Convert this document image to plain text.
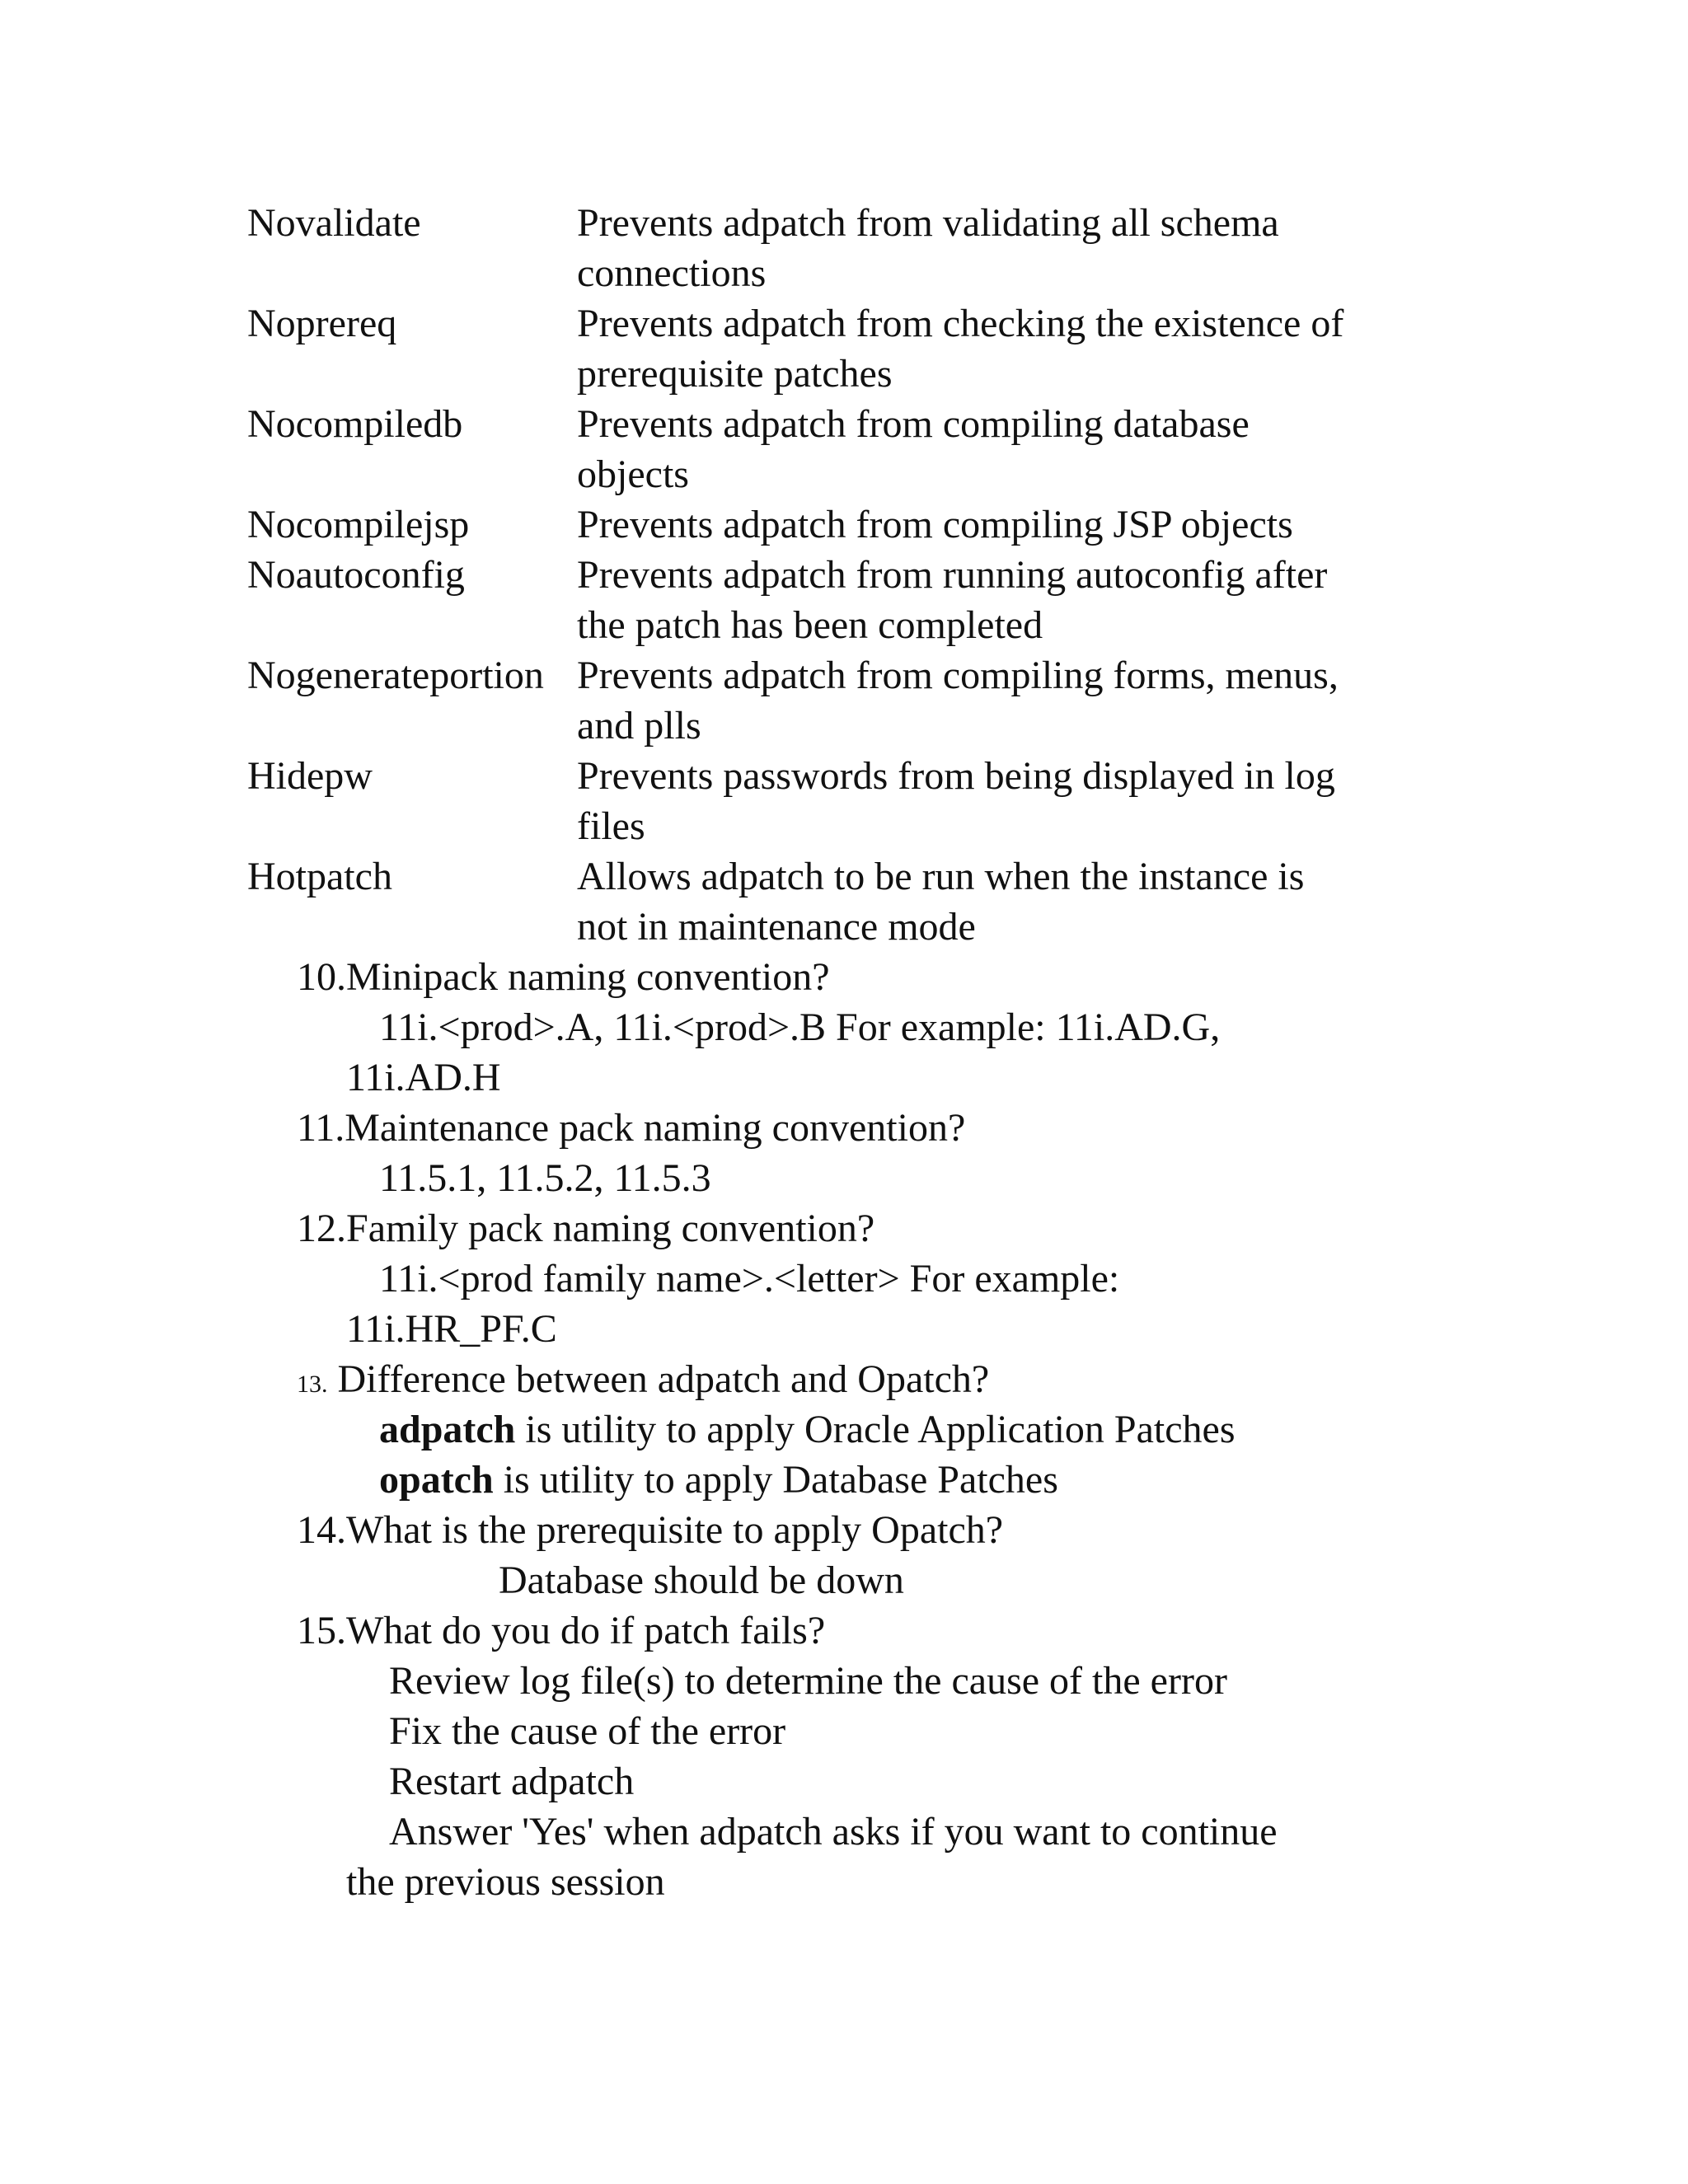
Novalidate	Prevents adpatch from validating all schema
connections
Noprereq	Prevents adpatch from checking the existence of
prerequisite patches
Nocompiledb	Prevents adpatch from compiling database
objects
Nocompilejsp	Prevents adpatch from compiling JSP objects
Noautoconfig	Prevents adpatch from running autoconfig after
the patch has been completed
Nogenerateportion Prevents adpatch from compiling forms, menus,
and plls
Hidepw	Prevents passwords from being displayed in log
files
Hotpatch	Allows adpatch to be run when the instance is
not in maintenance mode
10.Minipack naming convention?
11i.<prod>.A, 11i.<prod>.B For example: 11i.AD.G,
11i.AD.H
11.Maintenance pack naming convention?
11.5.1, 11.5.2, 11.5.3
12.Family pack naming convention?
11i.<prod family name>.<letter> For example:
11i.HR_PF.C
13. Difference between adpatch and Opatch?
adpatch is utility to apply Oracle Application Patches
opatch is utility to apply Database Patches
14.What is the prerequisite to apply Opatch?
Database should be down
15.What do you do if patch fails?
Review log file(s) to determine the cause of the error
Fix the cause of the error
Restart adpatch
Answer 'Yes' when adpatch asks if you want to continue
the previous session
